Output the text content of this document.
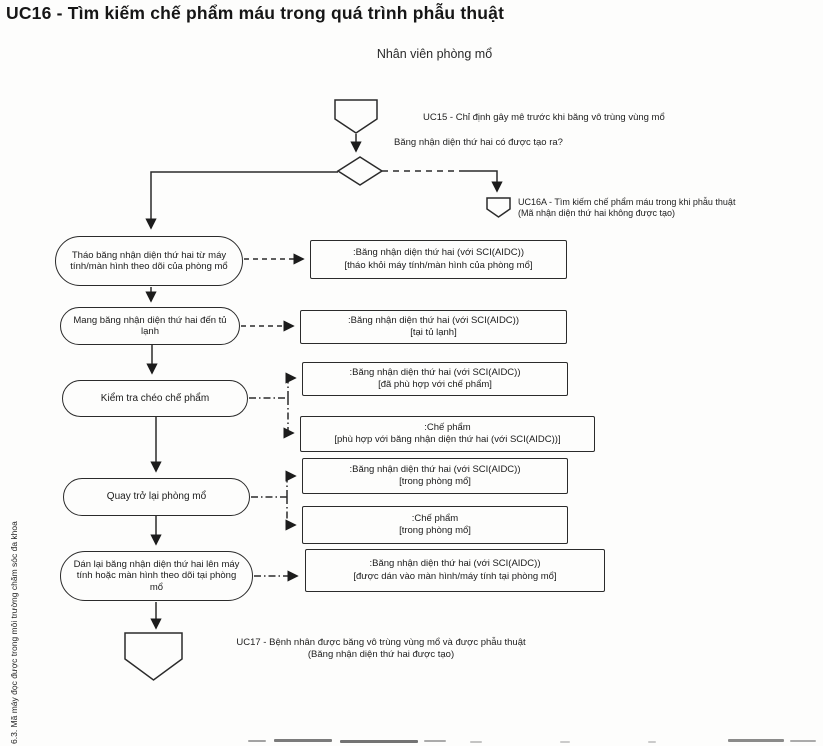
UC16 - Tìm kiếm chế phẩm máu trong quá trình phẫu thuật
Nhân viên phòng mổ
UC15 - Chỉ định gây mê trước khi băng vô trùng vùng mổ
Băng nhận diện thứ hai có được tạo ra?
UC16A - Tìm kiếm chế phẩm máu trong khi phẫu thuật
(Mã nhận diện thứ hai không được tạo)
UC17 - Bệnh nhân được băng vô trùng vùng mổ và được phẫu thuật
(Băng nhận diện thứ hai được tạo)
Tháo băng nhận diện thứ hai từ máy tính/màn hình theo dõi của phòng mổ
Mang băng nhận diện thứ hai đến tủ lạnh
Kiểm tra chéo chế phẩm
Quay trở lại phòng mổ
Dán lại băng nhận diện thứ hai lên máy tính hoặc màn hình theo dõi tại phòng mổ
:Băng nhận diện thứ hai (với SCI(AIDC))
[tháo khỏi máy tính/màn hình của phòng mổ]
:Băng nhận diện thứ hai (với SCI(AIDC))
[tại tủ lạnh]
:Băng nhận diện thứ hai (với SCI(AIDC))
[đã phù hợp với chế phẩm]
:Chế phẩm
[phù hợp với băng nhận diện thứ hai (với SCI(AIDC))]
:Băng nhận diện thứ hai (với SCI(AIDC))
[trong phòng mổ]
:Chế phẩm
[trong phòng mổ]
:Băng nhận diện thứ hai (với SCI(AIDC))
[được dán vào màn hình/máy tính tại phòng mổ]
6.3. Mã máy đọc được trong môi trường chăm sóc đa khoa
